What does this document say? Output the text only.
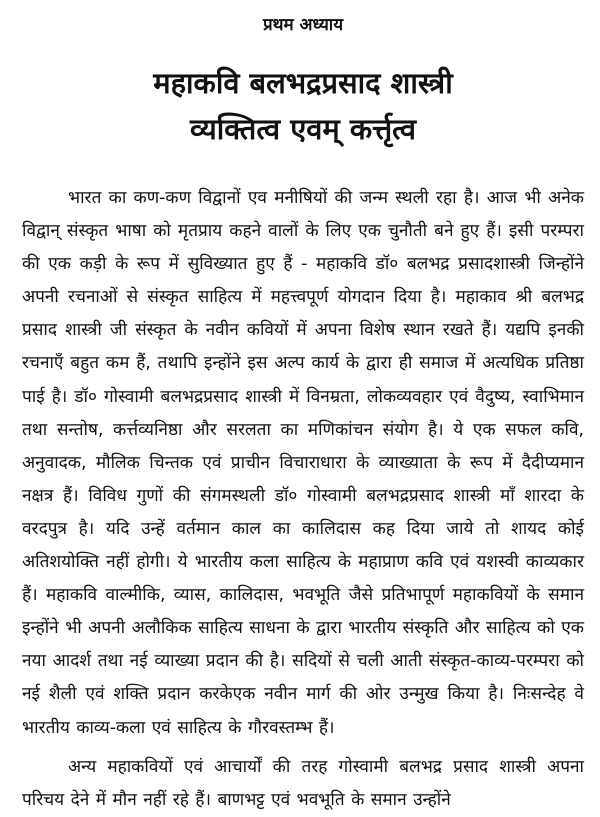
प्रथम अध्याय
महाकवि बलभद्रप्रसाद शास्त्री
व्यक्तित्व एवम् कर्त्तृत्व

भारत का कण-कण विद्वानों एव मनीषियों की जन्म स्थली रहा है। आज भी अनेक विद्वान् संस्कृत भाषा को मृतप्राय कहने वालों के लिए एक चुनौती बने हुए हैं। इसी परम्परा की एक कड़ी के रूप में सुविख्यात हुए हैं - महाकवि डॉ० बलभद्र प्रसादशास्त्री जिन्होंने अपनी रचनाओं से संस्कृत साहित्य में महत्त्वपूर्ण योगदान दिया है। महाकाव श्री बलभद्र प्रसाद शास्त्री जी संस्कृत के नवीन कवियों में अपना विशेष स्थान रखते हैं। यद्यपि इनकी रचनाएँ बहुत कम हैं, तथापि इन्होंने इस अल्प कार्य के द्वारा ही समाज में अत्यधिक प्रतिष्ठा पाई है। डॉ० गोस्वामी बलभद्रप्रसाद शास्त्री में विनम्रता, लोकव्यवहार एवं वैदुष्य, स्वाभिमान तथा सन्तोष, कर्त्तव्यनिष्ठा और सरलता का मणिकांचन संयोग है। ये एक सफल कवि, अनुवादक, मौलिक चिन्तक एवं प्राचीन विचाराधारा के व्याख्याता के रूप में दैदीप्यमान नक्षत्र हैं। विविध गुणों की संगमस्थली डॉ० गोस्वामी बलभद्रप्रसाद शास्त्री माँ शारदा के वरदपुत्र है। यदि उन्हें वर्तमान काल का कालिदास कह दिया जाये तो शायद कोई अतिशयोक्ति नहीं होगी। ये भारतीय कला साहित्य के महाप्राण कवि एवं यशस्वी काव्यकार हैं। महाकवि वाल्मीकि, व्यास, कालिदास, भवभूति जैसे प्रतिभापूर्ण महाकवियों के समान इन्होंने भी अपनी अलौकिक साहित्य साधना के द्वारा भारतीय संस्कृति और साहित्य को एक नया आदर्श तथा नई व्याख्या प्रदान की है। सदियों से चली आती संस्कृत-काव्य-परम्परा को नई शैली एवं शक्ति प्रदान करकेएक नवीन मार्ग की ओर उन्मुख किया है। निःसन्देह वे भारतीय काव्य-कला एवं साहित्य के गौरवस्तम्भ हैं।

अन्य महाकवियों एवं आचार्यों की तरह गोस्वामी बलभद्र प्रसाद शास्त्री अपना परिचय देने में मौन नहीं रहे हैं। बाणभट्ट एवं भवभूति के समान उन्होंने
